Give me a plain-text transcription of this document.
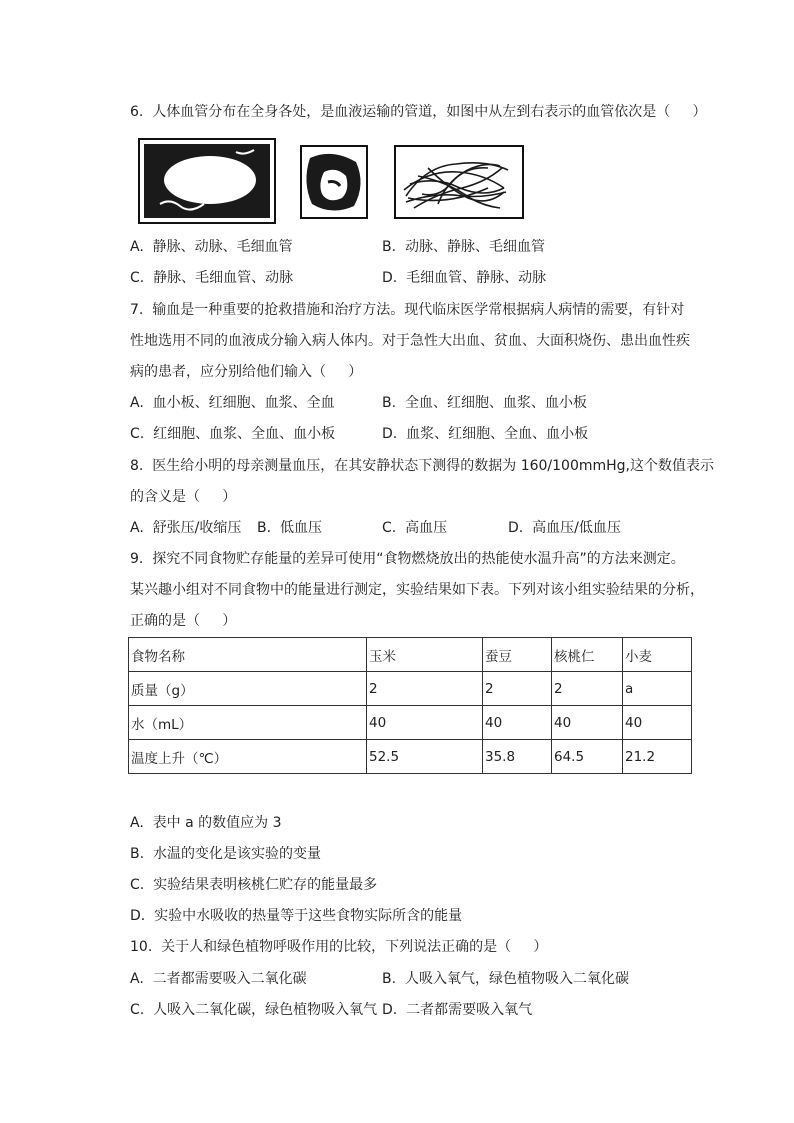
6.  人体血管分布在全身各处，是血液运输的管道，如图中从左到右表示的血管依次是（     ）
A.  静脉、动脉、毛细血管	B.  动脉、静脉、毛细血管
C.  静脉、毛细血管、动脉	D.  毛细血管、静脉、动脉
7.  输血是一种重要的抢救措施和治疗方法。现代临床医学常根据病人病情的需要，有针对
性地选用不同的血液成分输入病人体内。对于急性大出血、贫血、大面积烧伤、患出血性疾
病的患者，应分别给他们输入（     ）
A.  血小板、红细胞、血浆、全血	B.  全血、红细胞、血浆、血小板
C.  红细胞、血浆、全血、血小板	D.  血浆、红细胞、全血、血小板
8.  医生给小明的母亲测量血压，在其安静状态下测得的数据为 160/100mmHg,这个数值表示
的含义是（     ）
A.  舒张压/收缩压 B.  低血压	C.  高血压	D.  高血压/低血压
9.  探究不同食物贮存能量的差异可使用“食物燃烧放出的热能使水温升高”的方法来测定。
某兴趣小组对不同食物中的能量进行测定，实验结果如下表。下列对该小组实验结果的分析，
正确的是（     ）
食物名称	玉米	蚕豆	核桃仁	小麦
质量（g）	2	2	2	a
水（mL）	40	40	40	40
温度上升（℃）	52.5	35.8	64.5	21.2
A.  表中 a 的数值应为 3
B.  水温的变化是该实验的变量
C.  实验结果表明核桃仁贮存的能量最多
D.  实验中水吸收的热量等于这些食物实际所含的能量
10.  关于人和绿色植物呼吸作用的比较，下列说法正确的是（     ）
A.  二者都需要吸入二氧化碳	B.  人吸入氧气，绿色植物吸入二氧化碳
C.  人吸入二氧化碳，绿色植物吸入氧气 D.  二者都需要吸入氧气
